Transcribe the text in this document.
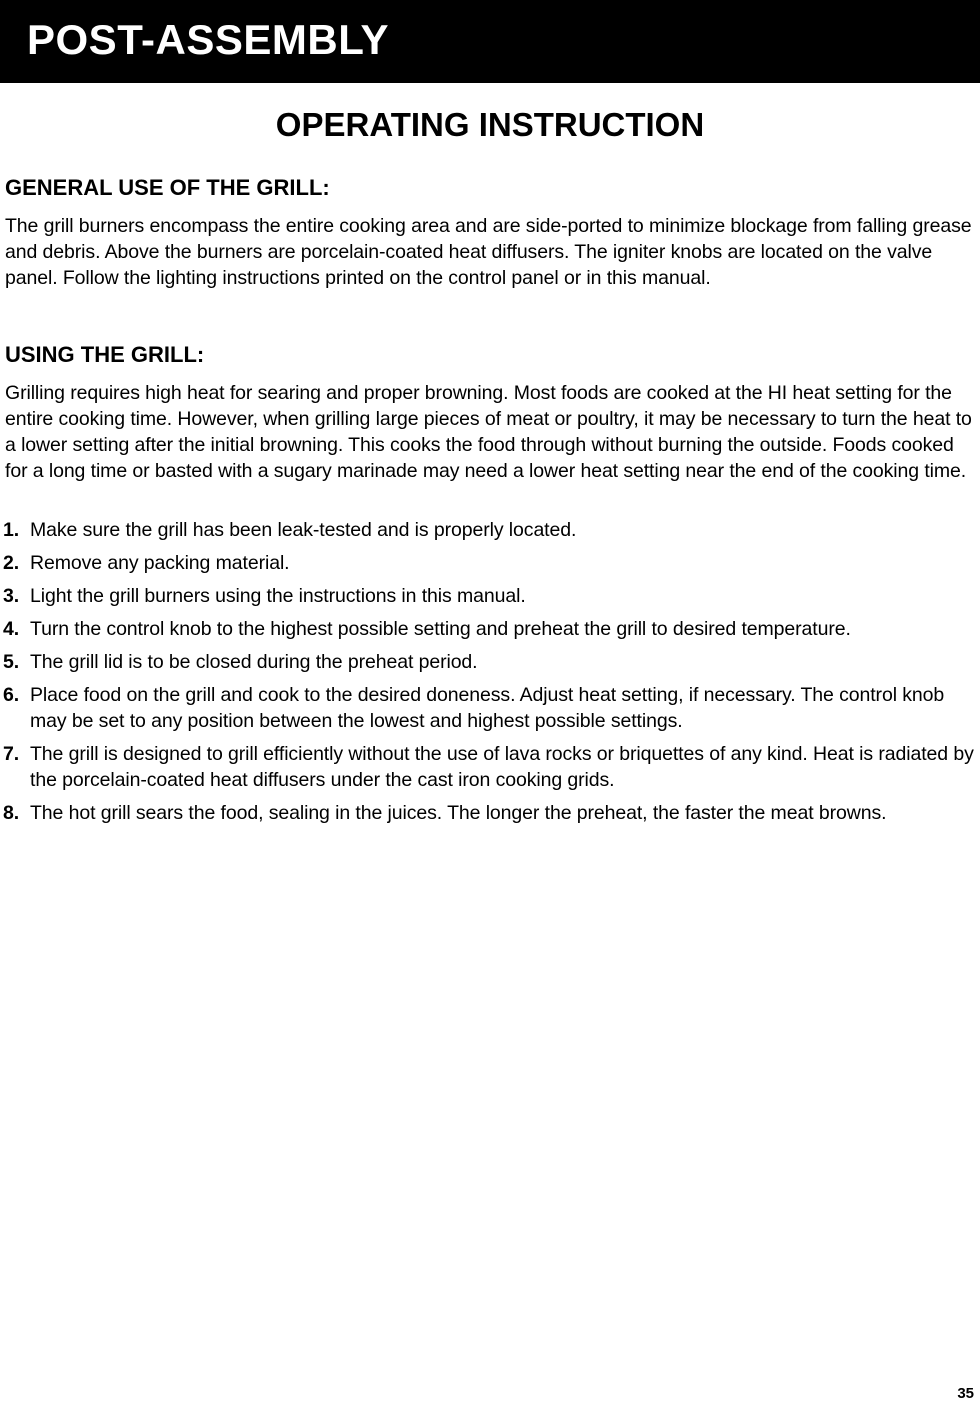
POST-ASSEMBLY
OPERATING INSTRUCTION
GENERAL USE OF THE GRILL:
The grill burners encompass the entire cooking area and are side-ported to minimize blockage from falling grease and debris. Above the burners are porcelain-coated heat diffusers. The igniter knobs are located on the valve panel. Follow the lighting instructions printed on the control panel or in this manual.
USING THE GRILL:
Grilling requires high heat for searing and proper browning. Most foods are cooked at the HI heat setting for the entire cooking time. However, when grilling large pieces of meat or poultry, it may be necessary to turn the heat to a lower setting after the initial browning. This cooks the food through without burning the outside. Foods cooked for a long time or basted with a sugary marinade may need a lower heat setting near the end of the cooking time.
1. Make sure the grill has been leak-tested and is properly located.
2. Remove any packing material.
3. Light the grill burners using the instructions in this manual.
4. Turn the control knob to the highest possible setting and preheat the grill to desired temperature.
5. The grill lid is to be closed during the preheat period.
6. Place food on the grill and cook to the desired doneness. Adjust heat setting, if necessary. The control knob may be set to any position between the lowest and highest possible settings.
7. The grill is designed to grill efficiently without the use of lava rocks or briquettes of any kind. Heat is radiated by the porcelain-coated heat diffusers under the cast iron cooking grids.
8. The hot grill sears the food, sealing in the juices. The longer the preheat, the faster the meat browns.
35
